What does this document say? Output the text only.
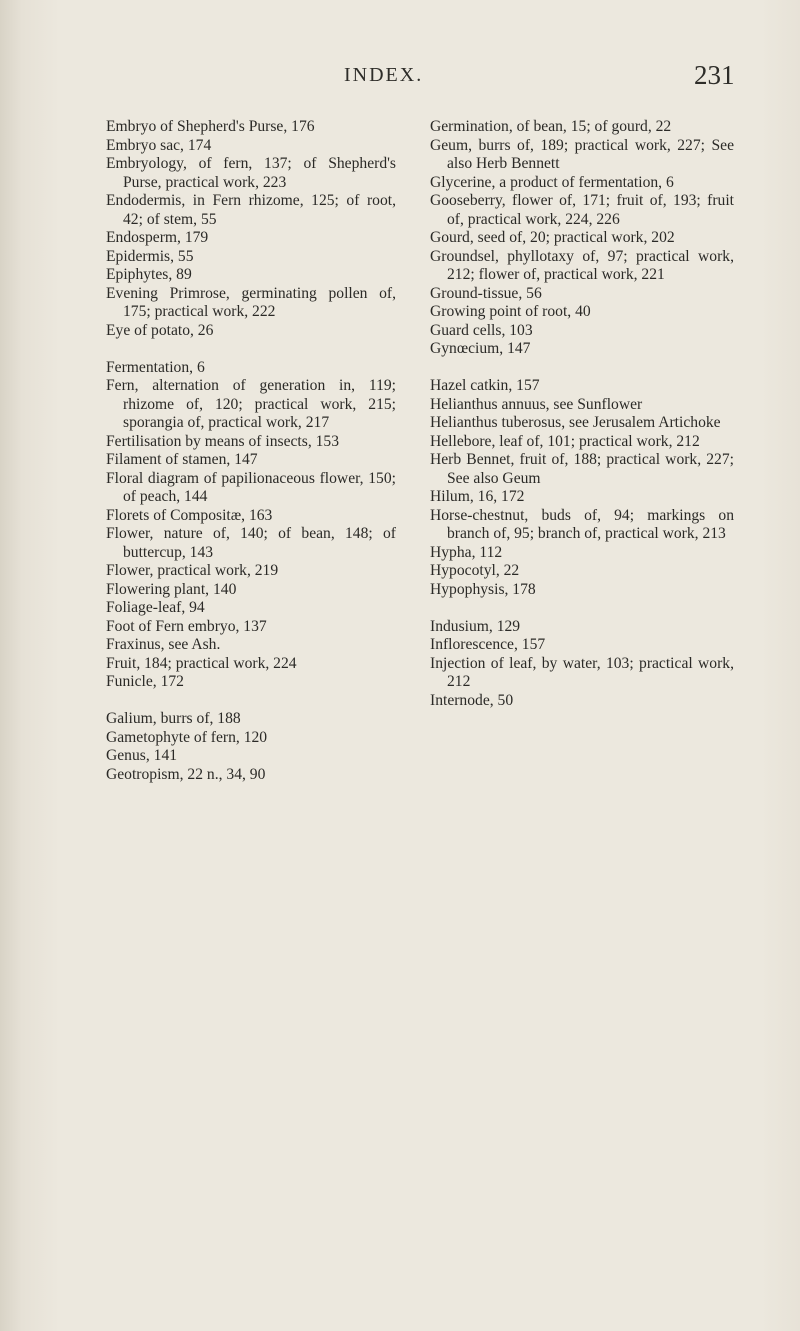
INDEX.	231

Embryo of Shepherd's Purse, 176

Embryo sac, 174

Embryology, of fern, 137; of Shepherd's Purse, practical work, 223

Endodermis, in Fern rhizome, 125; of root, 42; of stem, 55

Endosperm, 179

Epidermis, 55

Epiphytes, 89

Evening Primrose, germinating pollen of, 175; practical work, 222

Eye of potato, 26

Fermentation, 6

Fern, alternation of generation in, 119; rhizome of, 120; practical work, 215; sporangia of, practical work, 217

Fertilisation by means of insects, 153

Filament of stamen, 147

Floral diagram of papilionaceous flower, 150; of peach, 144

Florets of Compositæ, 163

Flower, nature of, 140; of bean, 148; of buttercup, 143

Flower, practical work, 219

Flowering plant, 140

Foliage-leaf, 94

Foot of Fern embryo, 137

Fraxinus, see Ash.

Fruit, 184; practical work, 224

Funicle, 172

Galium, burrs of, 188

Gametophyte of fern, 120

Genus, 141

Geotropism, 22 n., 34, 90

Germination, of bean, 15; of gourd, 22

Geum, burrs of, 189; practical work, 227; See also Herb Bennett

Glycerine, a product of fermentation, 6

Gooseberry, flower of, 171; fruit of, 193; fruit of, practical work, 224, 226

Gourd, seed of, 20; practical work, 202

Groundsel, phyllotaxy of, 97; practical work, 212; flower of, practical work, 221

Ground-tissue, 56

Growing point of root, 40

Guard cells, 103

Gynœcium, 147

Hazel catkin, 157

Helianthus annuus, see Sunflower

Helianthus tuberosus, see Jerusalem Artichoke

Hellebore, leaf of, 101; practical work, 212

Herb Bennet, fruit of, 188; practical work, 227; See also Geum

Hilum, 16, 172

Horse-chestnut, buds of, 94; markings on branch of, 95; branch of, practical work, 213

Hypha, 112

Hypocotyl, 22

Hypophysis, 178

Indusium, 129

Inflorescence, 157

Injection of leaf, by water, 103; practical work, 212

Internode, 50
